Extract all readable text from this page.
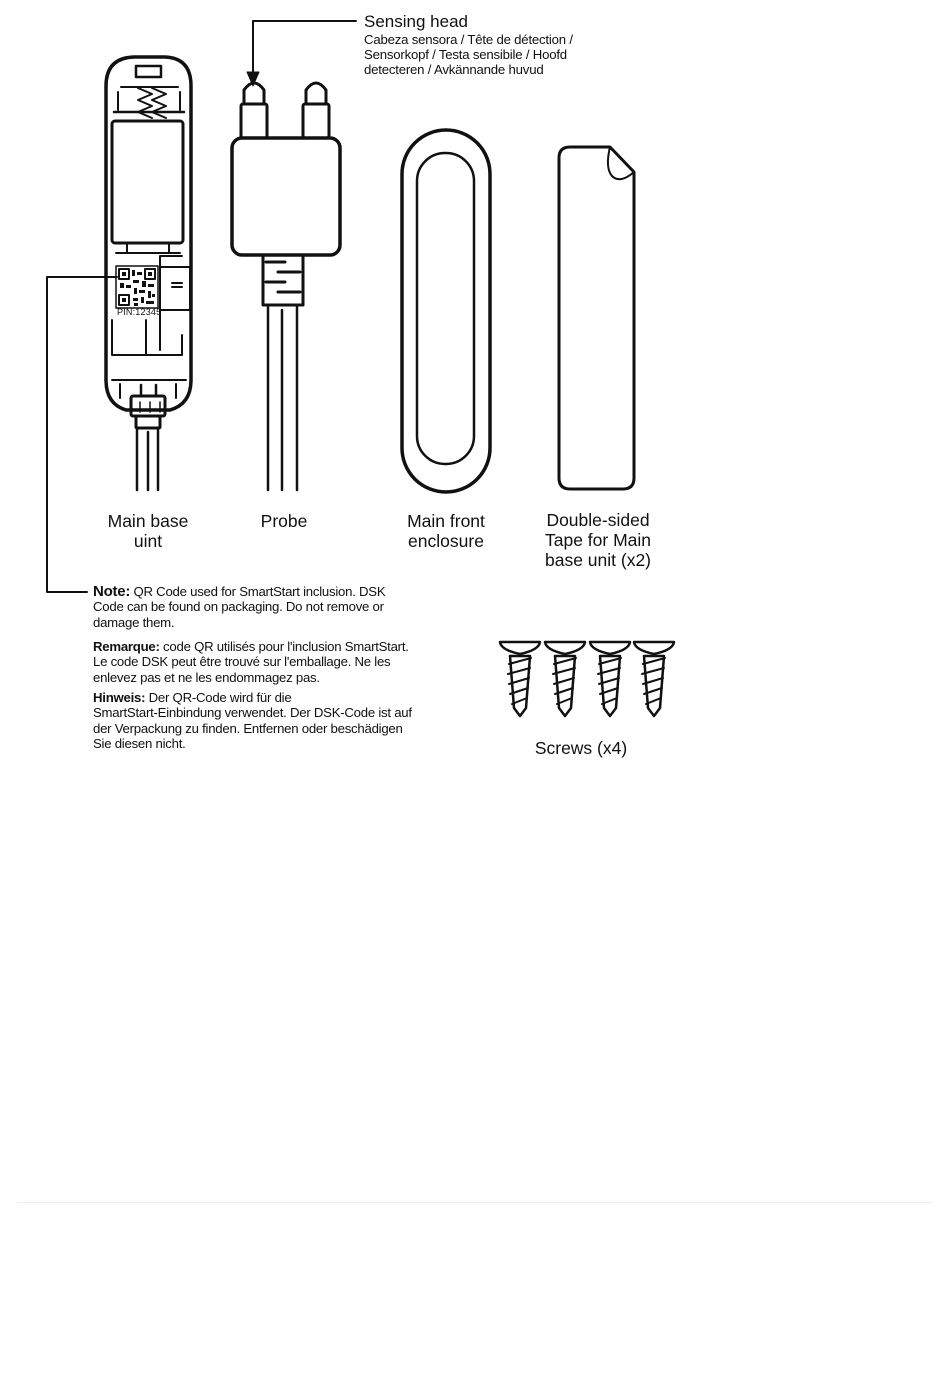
PIN:12345
Sensing head
Cabeza sensora / Tête de détection /
Sensorkopf / Testa sensibile / Hoofd
detecteren / Avkännande huvud
Main base
uint
Probe	Main front
enclosure
Double-sided
Tape for Main
base unit (x2)
Screws (x4)
Note: QR Code used for SmartStart inclusion. DSK
Code can be found on packaging. Do not remove or
damage them.
Remarque: code QR utilisés pour l'inclusion SmartStart.
Le code DSK peut être trouvé sur l'emballage. Ne les
enlevez pas et ne les endommagez pas.
Hinweis: Der QR-Code wird für die
SmartStart-Einbindung verwendet. Der DSK-Code ist auf
der Verpackung zu finden. Entfernen oder beschädigen
Sie diesen nicht.
